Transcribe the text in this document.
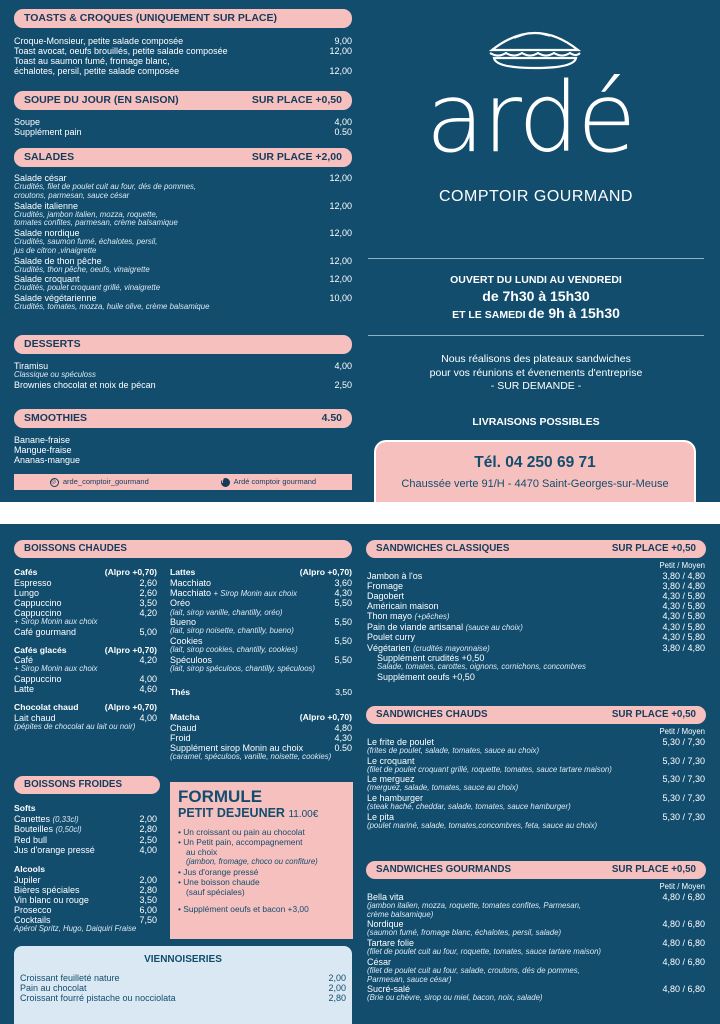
TOASTS & CROQUES (UNIQUEMENT SUR PLACE)
Croque-Monsieur, petite salade composée	9,00
Toast avocat, oeufs brouillés, petite salade composée	12,00
Toast au saumon fumé, fromage blanc,
échalotes, persil, petite salade composée	12,00
SOUPE DU JOUR (EN SAISON)	SUR PLACE +0,50
Soupe	4,00
Supplément pain	0.50
SALADES	SUR PLACE +2,00
Salade césar	12,00
Crudités, filet de poulet cuit au four, dés de pommes,
croutons, parmesan, sauce césar
Salade italienne	12,00
Crudités, jambon italien, mozza, roquette,
tomates confites, parmesan, crème balsamique
Salade nordique	12,00
Crudités, saumon fumé, échalotes, persil,
jus de citron ,vinaigrette
Salade de thon pêche	12,00
Crudités, thon pêche, oeufs, vinaigrette
Salade croquant	12,00
Crudités, poulet croquant grillé, vinaigrette
Salade végétarienne	10,00
Crudités, tomates, mozza, huile olive, crème balsamique
DESSERTS
Tiramisu	4,00
Classique ou spéculoss
Brownies chocolat et noix de pécan	2,50
SMOOTHIES	4.50
Banane-fraise
Mangue-fraise
Ananas-mangue
◎ arde_comptoir_gourmand	f	Ardé comptoir gourmand
ardé
COMPTOIR GOURMAND
OUVERT DU LUNDI AU VENDREDI
de 7h30 à 15h30
ET LE SAMEDI de 9h à 15h30
Nous réalisons des plateaux sandwiches
pour vos réunions et évenements d'entreprise
- SUR DEMANDE -
LIVRAISONS POSSIBLES
Tél. 04 250 69 71
Chaussée verte 91/H - 4470 Saint-Georges-sur-Meuse
BOISSONS CHAUDES
Cafés	(Alpro +0,70)
Espresso	2,60
Lungo	2,60
Cappuccino	3,50
Cappuccino	4,20
+ Sirop Monin aux choix
Café gourmand	5,00
Cafés glacés	(Alpro +0,70)
Café	4,20
+ Sirop Monin aux choix
Cappuccino	4,00
Latte	4,60
Chocolat chaud	(Alpro +0,70)
Lait chaud	4,00
(pépites de chocolat au lait ou noir)
Lattes	(Alpro +0,70)
Macchiato	3,60
Macchiato + Sirop Monin aux choix	4,30
Oréo	5,50
(lait, sirop vanille, chantilly, oréo)
Bueno	5,50
(lait, sirop noisette, chantilly, bueno)
Cookies	5,50
(lait, sirop cookies, chantilly, cookies)
Spéculoos	5,50
(lait, sirop spéculoos, chantilly, spéculoos)
Thés	3,50
Matcha	(Alpro +0,70)
Chaud	4,80
Froid	4,30
Supplément sirop Monin au choix	0.50
(caramel, spéculoos, vanille, noisette, cookies)
BOISSONS FROIDES
Softs
Canettes (0,33cl)	2,00
Bouteilles (0,50cl)	2,80
Red bull	2,50
Jus d'orange pressé	4,00
Alcools
Jupiler	2,00
Bières spéciales	2,80
Vin blanc ou rouge	3,50
Prosecco	6,00
Cocktails	7,50
Apérol Spritz, Hugo, Daiquiri Fraise
FORMULE
PETIT DEJEUNER 11.00€
• Un croissant ou pain au chocolat
• Un Petit pain, accompagnement
au choix
(jambon, fromage, choco ou confiture)
• Jus d'orange pressé
• Une boisson chaude
(sauf spéciales)
• Supplément oeufs et bacon +3,00
VIENNOISERIES
Croissant feuilleté nature	2,00
Pain au chocolat	2,00
Croissant fourré pistache ou nocciolata	2,80
SANDWICHES CLASSIQUES	SUR PLACE +0,50
Petit / Moyen
Jambon à l'os	3,80 / 4,80
Fromage	3,80 / 4,80
Dagobert	4,30 / 5,80
Américain maison	4,30 / 5,80
Thon mayo (+pêches)	4,30 / 5,80
Pain de viande artisanal (sauce au choix)	4,30 / 5,80
Poulet curry	4,30 / 5,80
Végétarien (crudités mayonnaise)	3,80 / 4,80
Supplément crudités +0,50
Salade, tomates, carottes, oignons, cornichons, concombres
Supplément oeufs +0,50
SANDWICHES CHAUDS	SUR PLACE +0,50
Petit / Moyen
Le frite de poulet	5,30 / 7,30
(frites de poulet, salade, tomates, sauce au choix)
Le croquant	5,30 / 7,30
(filet de poulet croquant grillé, roquette, tomates, sauce tartare maison)
Le merguez	5,30 / 7,30
(merguez, salade, tomates, sauce au choix)
Le hamburger	5,30 / 7,30
(steak haché, cheddar, salade, tomates, sauce hamburger)
Le pita	5,30 / 7,30
(poulet mariné, salade, tomates,concombres, feta, sauce au choix)
SANDWICHES GOURMANDS	SUR PLACE +0,50
Petit / Moyen
Bella vita	4,80 / 6,80
(jambon italien, mozza, roquette, tomates confites, Parmesan,
crème balsamique)
Nordique	4,80 / 6,80
(saumon fumé, fromage blanc, échalotes, persil, salade)
Tartare folie	4,80 / 6,80
(filet de poulet cuit au four, roquette, tomates, sauce tartare maison)
César	4,80 / 6,80
(filet de poulet cuit au four, salade, croutons, dés de pommes,
Parmesan, sauce césar)
Sucré-salé	4,80 / 6,80
(Brie ou chèvre, sirop ou miel, bacon, noix, salade)
